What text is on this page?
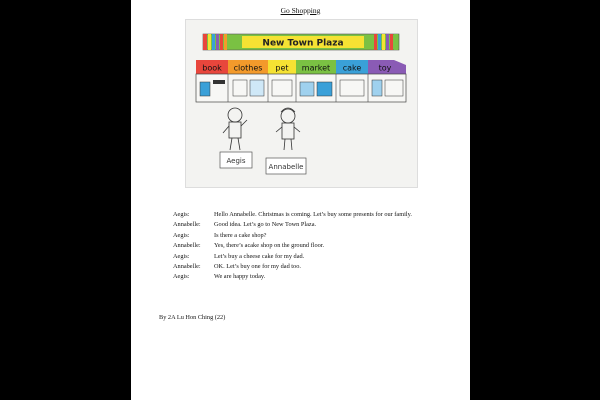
Go Shopping
New Town Plaza
book clothes pet market cake toy
Aegis
Annabelle
Aegis:	Hello Annabelle. Christmas is coming. Let’s buy some presents for our family.
Annabelle:	Good idea. Let’s go to New Town Plaza.
Aegis:	Is there a cake shop?
Annabelle:	Yes, there’s acake shop on the ground floor.
Aegis:	Let’s buy a cheese cake for my dad.
Annabelle:	OK. Let’s buy one for my dad too.
Aegis:	We are happy today.
By 2A Lu Hon Ching (22)
